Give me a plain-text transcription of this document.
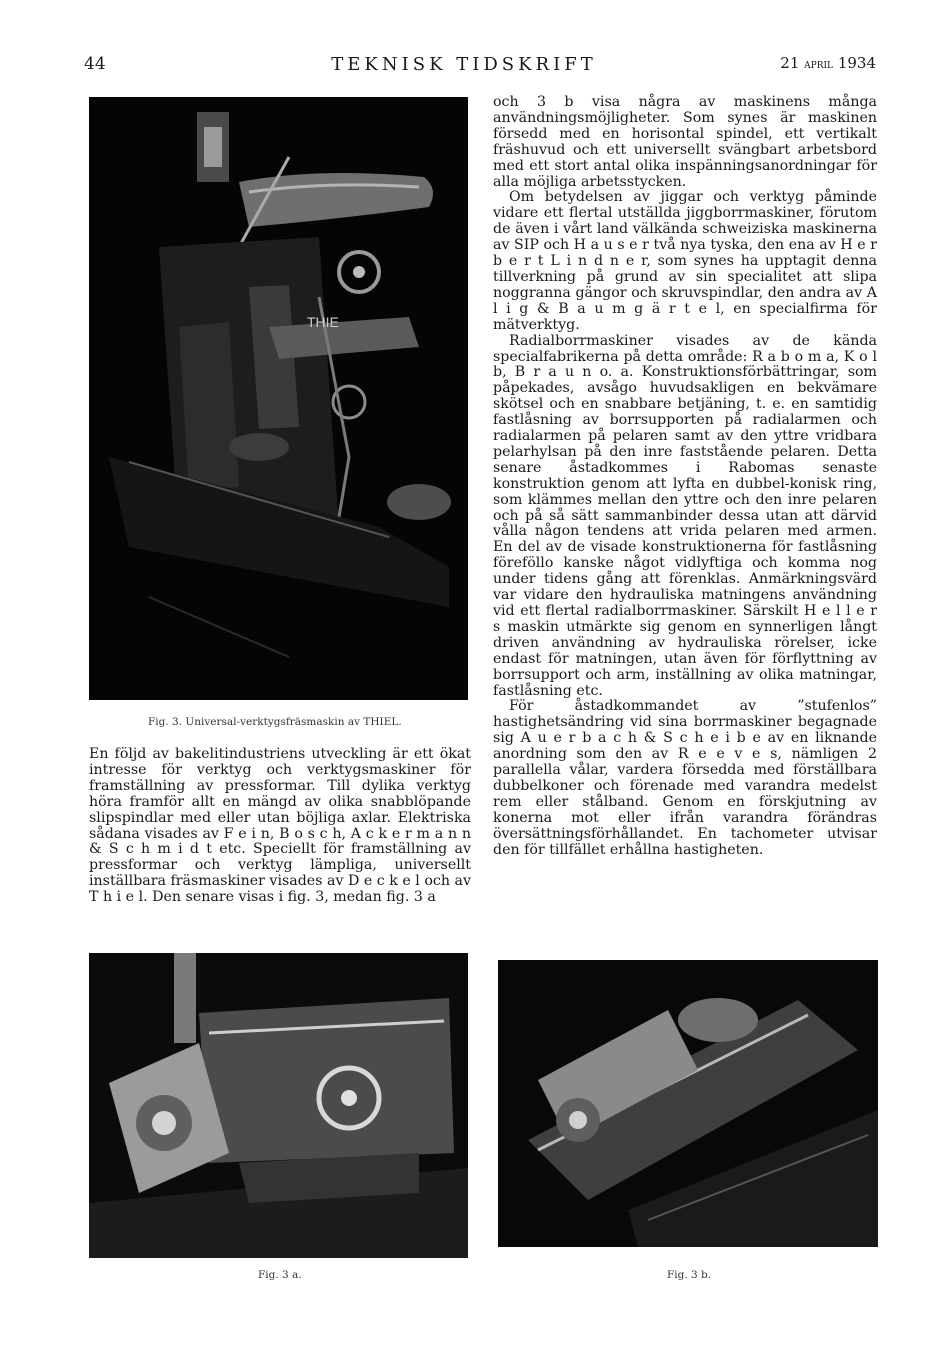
44	TEKNISK TIDSKRIFT	21 april 1934
THIE
Fig. 3. Universal-verktygsfräsmaskin av THIEL.

En följd av bakelitindustriens utveckling är ett ökat intresse för verktyg och verktygsmaskiner för framställning av pressformar. Till dylika verktyg höra framför allt en mängd av olika snabblöpande slipspindlar med eller utan böjliga axlar. Elektriska sådana visades av F e i n, B o s c h, A c k e r m a n n & S c h m i d t etc. Speciellt för framställning av pressformar och verktyg lämpliga, universellt inställbara fräsmaskiner visades av D e c k e l och av T h i e l. Den senare visas i fig. 3, medan fig. 3 a

och 3 b visa några av maskinens många användningsmöjligheter. Som synes är maskinen försedd med en horisontal spindel, ett vertikalt fräshuvud och ett universellt svängbart arbetsbord med ett stort antal olika inspänningsanordningar för alla möjliga arbetsstycken.

Om betydelsen av jiggar och verktyg påminde vidare ett flertal utställda jiggborrmaskiner, förutom de även i vårt land välkända schweiziska maskinerna av SIP och H a u s e r två nya tyska, den ena av H e r b e r t L i n d n e r, som synes ha upptagit denna tillverkning på grund av sin specialitet att slipa noggranna gängor och skruvspindlar, den andra av A l i g & B a u m g ä r t e l, en specialfirma för mätverktyg.

Radialborrmaskiner visades av de kända specialfabrikerna på detta område: R a b o m a, K o l b, B r a u n o. a. Konstruktionsförbättringar, som påpekades, avsågo huvudsakligen en bekvämare skötsel och en snabbare betjäning, t. e. en samtidig fastlåsning av borrsupporten på radialarmen och radialarmen på pelaren samt av den yttre vridbara pelarhylsan på den inre fastst​ående pelaren. Detta senare åstadkommes i Rabomas senaste konstruktion genom att lyfta en dubbel-konisk ring, som klämmes mellan den yttre och den inre pelaren och på så sätt sammanbinder dessa utan att därvid vålla någon tendens att vrida pelaren med armen. En del av de visade konstruktionerna för fastlåsning föreföllo kanske något vidlyftiga och komma nog under tidens gång att förenklas. Anmärkningsvärd var vidare den hydrauliska matningens användning vid ett flertal radialborrmaskiner. Särskilt H e l l e r s maskin utmärkte sig genom en synnerligen långt driven användning av hydrauliska rörelser, icke endast för matningen, utan även för förflyttning av borrsupport och arm, inställning av olika matningar, fastlåsning etc.

För åstadkommandet av ”stufenlos” hastighetsändring vid sina borrmaskiner begagnade sig A u e r b a c h & S c h e i b e av en liknande anordning som den av R e e v e s, nämligen 2 parallella vålar, vardera försedda med förställbara dubbelkoner och förenade med varandra medelst rem eller stålband. Genom en förskjutning av konerna mot eller ifrån varandra förändras översättningsförhållandet. En tachometer utvisar den för tillfället erhållna hastigheten.

Fig. 3 a.	Fig. 3 b.
